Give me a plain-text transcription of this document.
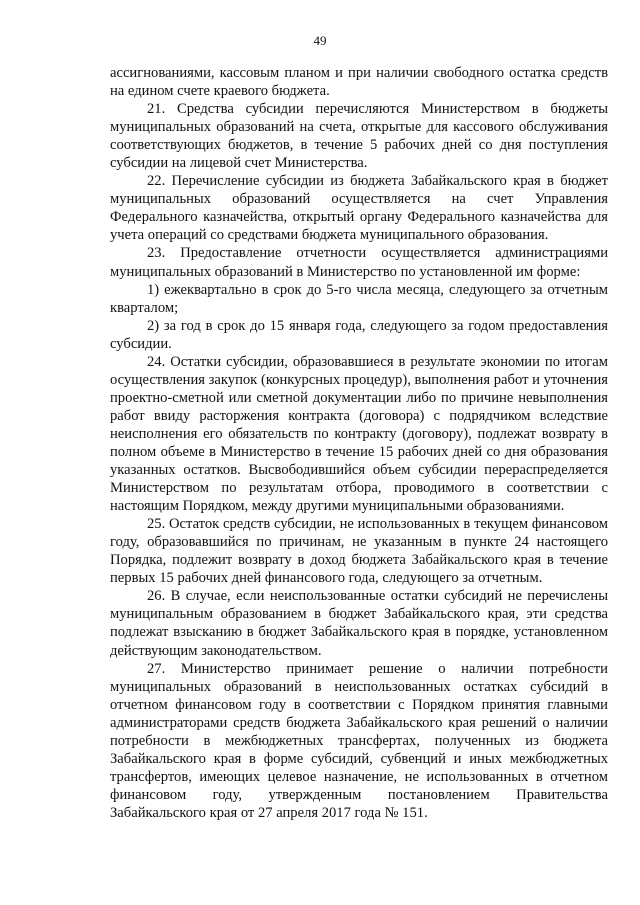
49

ассигнованиями, кассовым планом и при наличии свободного остатка средств на едином счете краевого бюджета.

21. Средства субсидии перечисляются Министерством в бюджеты муниципальных образований на счета, открытые для кассового обслуживания соответствующих бюджетов, в течение 5 рабочих дней со дня поступления субсидии на лицевой счет Министерства.

22. Перечисление субсидии из бюджета Забайкальского края в бюджет муниципальных образований осуществляется на счет Управления Федерального казначейства, открытый органу Федерального казначейства для учета операций со средствами бюджета муниципального образования.

23. Предоставление отчетности осуществляется администрациями муниципальных образований в Министерство по установленной им форме:

1) ежеквартально в срок до 5-го числа месяца, следующего за отчетным кварталом;

2) за год в срок до 15 января года, следующего за годом предоставления субсидии.

24. Остатки субсидии, образовавшиеся в результате экономии по итогам осуществления закупок (конкурсных процедур), выполнения работ и уточнения проектно-сметной или сметной документации либо по причине невыполнения работ ввиду расторжения контракта (договора) с подрядчиком вследствие неисполнения его обязательств по контракту (договору), подлежат возврату в полном объеме в Министерство в течение 15 рабочих дней со дня образования указанных остатков. Высвободившийся объем субсидии перераспределяется Министерством по результатам отбора, проводимого в соответствии с настоящим Порядком, между другими муниципальными образованиями.

25. Остаток средств субсидии, не использованных в текущем финансовом году, образовавшийся по причинам, не указанным в пункте 24 настоящего Порядка, подлежит возврату в доход бюджета Забайкальского края в течение первых 15 рабочих дней финансового года, следующего за отчетным.

26. В случае, если неиспользованные остатки субсидий не перечислены муниципальным образованием в бюджет Забайкальского края, эти средства подлежат взысканию в бюджет Забайкальского края в порядке, установленном действующим законодательством.

27. Министерство принимает решение о наличии потребности муниципальных образований в неиспользованных остатках субсидий в отчетном финансовом году в соответствии с Порядком принятия главными администраторами средств бюджета Забайкальского края решений о наличии потребности в межбюджетных трансфертах, полученных из бюджета Забайкальского края в форме субсидий, субвенций и иных межбюджетных трансфертов, имеющих целевое назначение, не использованных в отчетном финансовом году, утвержденным постановлением Правительства Забайкальского края от 27 апреля 2017 года № 151.
